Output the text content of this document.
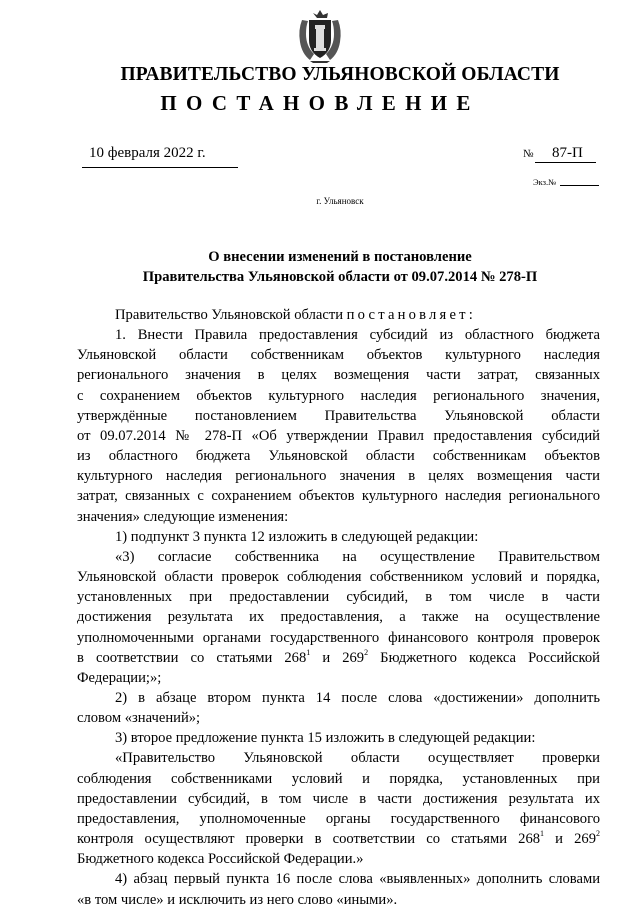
ПРАВИТЕЛЬСТВО УЛЬЯНОВСКОЙ ОБЛАСТИ
ПОСТАНОВЛЕНИЕ
10 февраля 2022 г.	№ 87-П
Экз.№
г. Ульяновск
О внесении изменений в постановление
Правительства Ульяновской области от 09.07.2014 № 278-П

Правительство Ульяновской области постановляет:

1. Внести Правила предоставления субсидий из областного бюджета

Ульяновской области собственникам объектов культурного наследия

регионального значения в целях возмещения части затрат, связанных

с сохранением объектов культурного наследия регионального значения,

утверждённые постановлением Правительства Ульяновской области

от 09.07.2014 № 278-П «Об утверждении Правил предоставления субсидий

из областного бюджета Ульяновской области собственникам объектов

культурного наследия регионального значения в целях возмещения части

затрат, связанных с сохранением объектов культурного наследия регионального

значения» следующие изменения:

1) подпункт 3 пункта 12 изложить в следующей редакции:

«3) согласие собственника на осуществление Правительством

Ульяновской области проверок соблюдения собственником условий и порядка,

установленных при предоставлении субсидий, в том числе в части

достижения результата их предоставления, а также на осуществление

уполномоченными органами государственного финансового контроля проверок

в соответствии со статьями $268^1$ и $269^2$ Бюджетного кодекса Российской

Федерации;»;

2) в абзаце втором пункта 14 после слова «достижении» дополнить

словом «значений»;

3) второе предложение пункта 15 изложить в следующей редакции:

«Правительство Ульяновской области осуществляет проверки

соблюдения собственниками условий и порядка, установленных при

предоставлении субсидий, в том числе в части достижения результата их

предоставления, уполномоченные органы государственного финансового

контроля осуществляют проверки в соответствии со статьями $268^1$ и $269^2$

Бюджетного кодекса Российской Федерации.»

4) абзац первый пункта 16 после слова «выявленных» дополнить словами

«в том числе» и исключить из него слово «иными».
